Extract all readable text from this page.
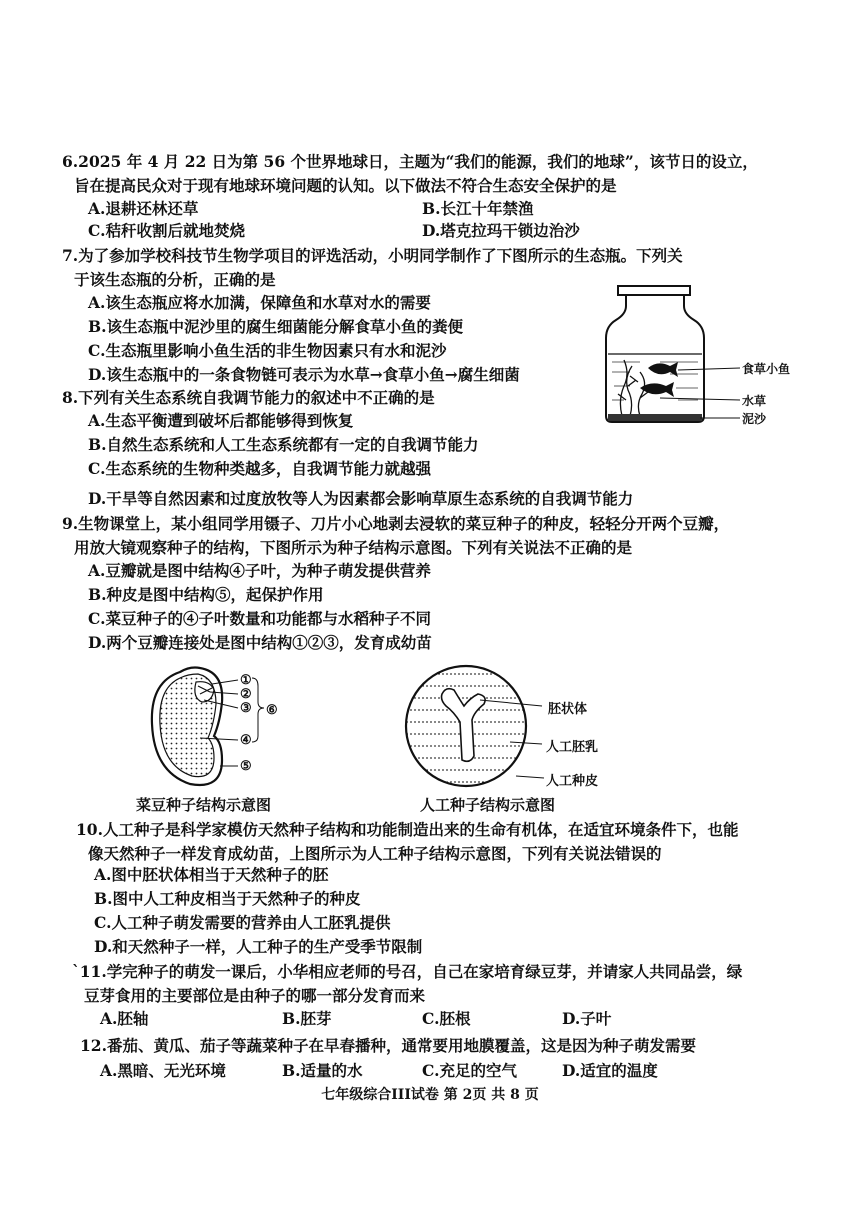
6.2025 年 4 月 22 日为第 56 个世界地球日，主题为“我们的能源，我们的地球”，该节日的设立，
旨在提高民众对于现有地球环境问题的认知。以下做法不符合生态安全保护的是
A.退耕还林还草	B.长江十年禁渔
C.秸秆收割后就地焚烧	D.塔克拉玛干锁边治沙
7.为了参加学校科技节生物学项目的评选活动，小明同学制作了下图所示的生态瓶。下列关
于该生态瓶的分析，正确的是
A.该生态瓶应将水加满，保障鱼和水草对水的需要
B.该生态瓶中泥沙里的腐生细菌能分解食草小鱼的粪便
C.生态瓶里影响小鱼生活的非生物因素只有水和泥沙
D.该生态瓶中的一条食物链可表示为水草→食草小鱼→腐生细菌	食草小鱼
水草
泥沙
8.下列有关生态系统自我调节能力的叙述中不正确的是
A.生态平衡遭到破坏后都能够得到恢复
B.自然生态系统和人工生态系统都有一定的自我调节能力
C.生态系统的生物种类越多，自我调节能力就越强
D.干旱等自然因素和过度放牧等人为因素都会影响草原生态系统的自我调节能力
9.生物课堂上，某小组同学用镊子、刀片小心地剥去浸软的菜豆种子的种皮，轻轻分开两个豆瓣，
用放大镜观察种子的结构，下图所示为种子结构示意图。下列有关说法不正确的是
A.豆瓣就是图中结构④子叶，为种子萌发提供营养
B.种皮是图中结构⑤，起保护作用
C.菜豆种子的④子叶数量和功能都与水稻种子不同
D.两个豆瓣连接处是图中结构①②③，发育成幼苗
①
②
③
④
⑤
⑥
菜豆种子结构示意图
胚状体
人工胚乳
人工种皮
人工种子结构示意图
10.人工种子是科学家模仿天然种子结构和功能制造出来的生命有机体，在适宜环境条件下，也能
像天然种子一样发育成幼苗，上图所示为人工种子结构示意图，下列有关说法错误的
A.图中胚状体相当于天然种子的胚
B.图中人工种皮相当于天然种子的种皮
C.人工种子萌发需要的营养由人工胚乳提供
D.和天然种子一样，人工种子的生产受季节限制
`11.学完种子的萌发一课后，小华相应老师的号召，自己在家培育绿豆芽，并请家人共同品尝，绿
豆芽食用的主要部位是由种子的哪一部分发育而来
A.胚轴	B.胚芽	C.胚根	D.子叶
12.番茄、黄瓜、茄子等蔬菜种子在早春播种，通常要用地膜覆盖，这是因为种子萌发需要
A.黑暗、无光环境	B.适量的水	C.充足的空气	D.适宜的温度
七年级综合III试卷 第 2页 共 8 页
